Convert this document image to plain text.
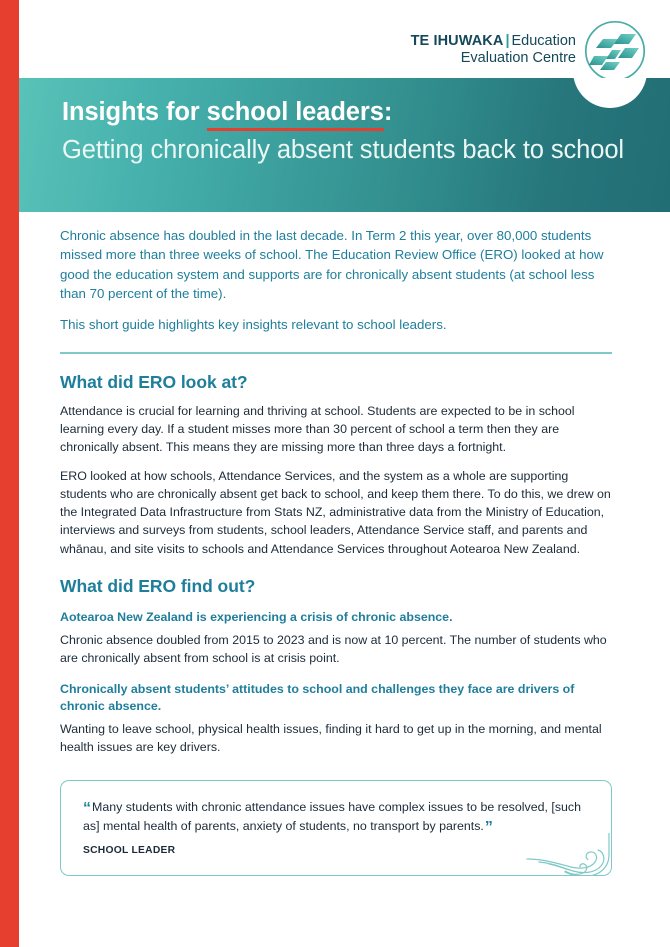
TE IHUWAKA | Education
Evaluation Centre
Insights for school leaders:
Getting chronically absent students back to school

Chronic absence has doubled in the last decade. In Term 2 this year, over 80,000 students missed more than three weeks of school. The Education Review Office (ERO) looked at how good the education system and supports are for chronically absent students (at school less than 70 percent of the time).

This short guide highlights key insights relevant to school leaders.

What did ERO look at?

Attendance is crucial for learning and thriving at school. Students are expected to be in school learning every day. If a student misses more than 30 percent of school a term then they are chronically absent. This means they are missing more than three days a fortnight.

ERO looked at how schools, Attendance Services, and the system as a whole are supporting students who are chronically absent get back to school, and keep them there. To do this, we drew on the Integrated Data Infrastructure from Stats NZ, administrative data from the Ministry of Education, interviews and surveys from students, school leaders, Attendance Service staff, and parents and whānau, and site visits to schools and Attendance Services throughout Aotearoa New Zealand.

What did ERO find out?

Aotearoa New Zealand is experiencing a crisis of chronic absence.

Chronic absence doubled from 2015 to 2023 and is now at 10 percent. The number of students who are chronically absent from school is at crisis point.

Chronically absent students’ attitudes to school and challenges they face are drivers of chronic absence.

Wanting to leave school, physical health issues, finding it hard to get up in the morning, and mental health issues are key drivers.

“Many students with chronic attendance issues have complex issues to be resolved, [such as] mental health of parents, anxiety of students, no transport by parents.”

SCHOOL LEADER
